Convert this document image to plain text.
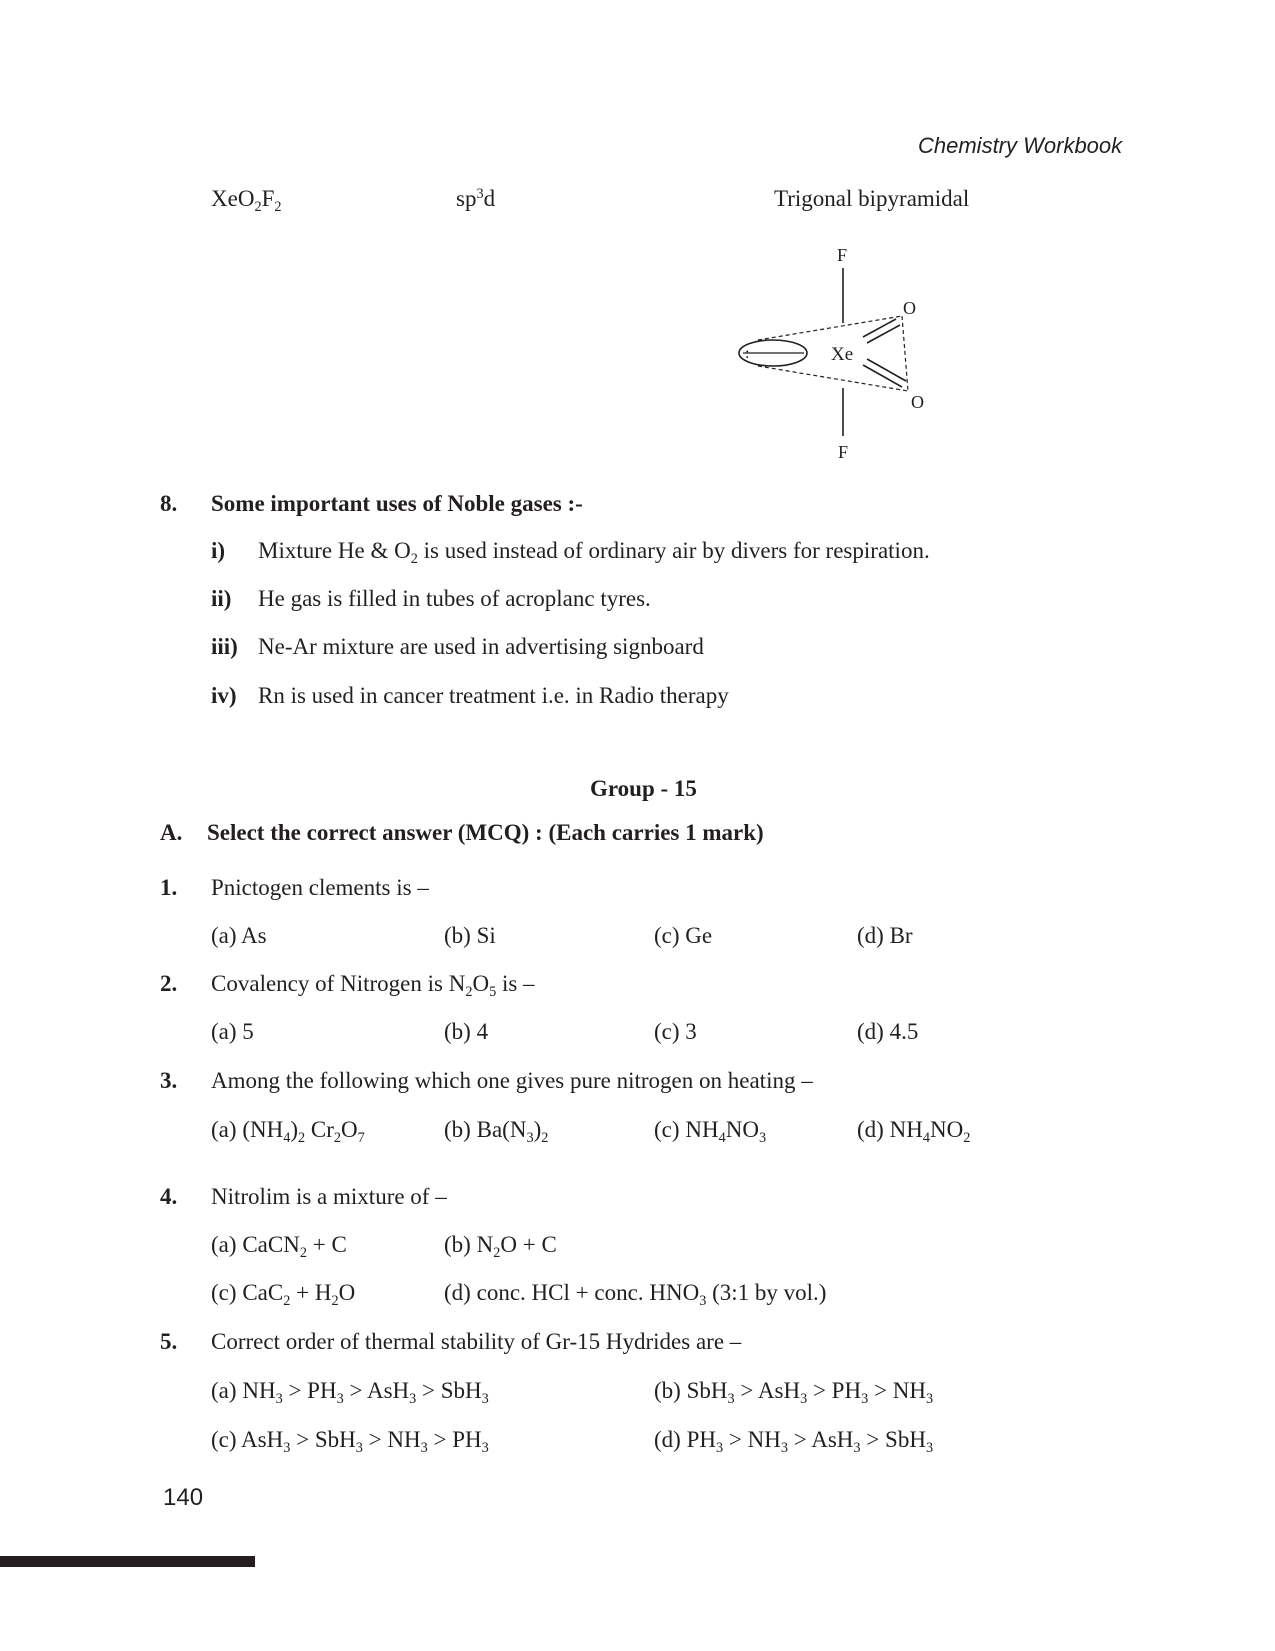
Chemistry Workbook
$XeO_2F_2$	$sp^3d$	Trigonal bipyramidal
F
F
O
O
Xe
:
8. Some important uses of Noble gases :-
i) Mixture He & $O_2$ is used instead of ordinary air by divers for respiration.
ii) He gas is filled in tubes of acroplanc tyres.
iii) Ne-Ar mixture are used in advertising signboard
iv) Rn is used in cancer treatment i.e. in Radio therapy
Group - 15
A. Select the correct answer (MCQ) : (Each carries 1 mark)
1. Pnictogen clements is –
(a) As	(b) Si	(c) Ge	(d) Br
2. Covalency of Nitrogen is $N_2O_5$ is –
(a) 5	(b) 4	(c) 3	(d) 4.5
3. Among the following which one gives pure nitrogen on heating –
(a) $(NH_4)_2$ $Cr_2O_7$	(b) $Ba(N_3)_2$	(c) $NH_4NO_3$	(d) $NH_4NO_2$
4. Nitrolim is a mixture of –
(a) CaCN$_2$ + C	(b) $N_2O + C$
(c) $CaC_2 + H_2O$	(d) conc. HCl + conc. $HNO_3$ (3:1 by vol.)
5. Correct order of thermal stability of Gr-15 Hydrides are –
(a) $NH_3 > PH_3 > AsH_3 > SbH_3$	(b) $SbH_3 > AsH_3 > PH_3 > NH_3$
(c) $AsH_3 > SbH_3 > NH_3 > PH_3$	(d) $PH_3 > NH_3 > AsH_3 > SbH_3$
140
